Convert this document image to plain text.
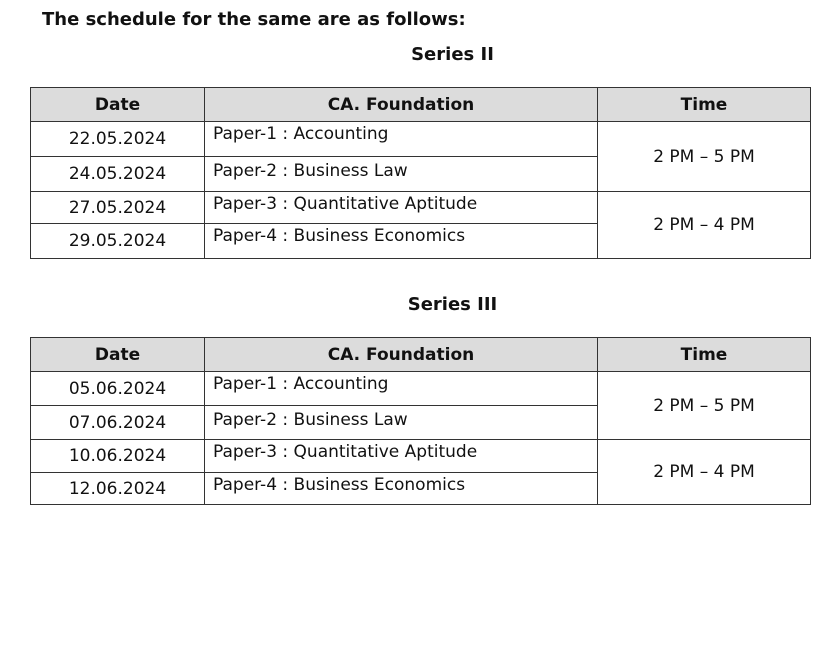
The schedule for the same are as follows:
Series II
Date	CA. Foundation	Time
22.05.2024	Paper-1 : Accounting	2 PM – 5 PM
24.05.2024	Paper-2 : Business Law	
27.05.2024	Paper-3 : Quantitative Aptitude	2 PM – 4 PM
29.05.2024	Paper-4 : Business Economics	
Series III
Date	CA. Foundation	Time
05.06.2024	Paper-1 : Accounting	2 PM – 5 PM
07.06.2024	Paper-2 : Business Law	
10.06.2024	Paper-3 : Quantitative Aptitude	2 PM – 4 PM
12.06.2024	Paper-4 : Business Economics	
